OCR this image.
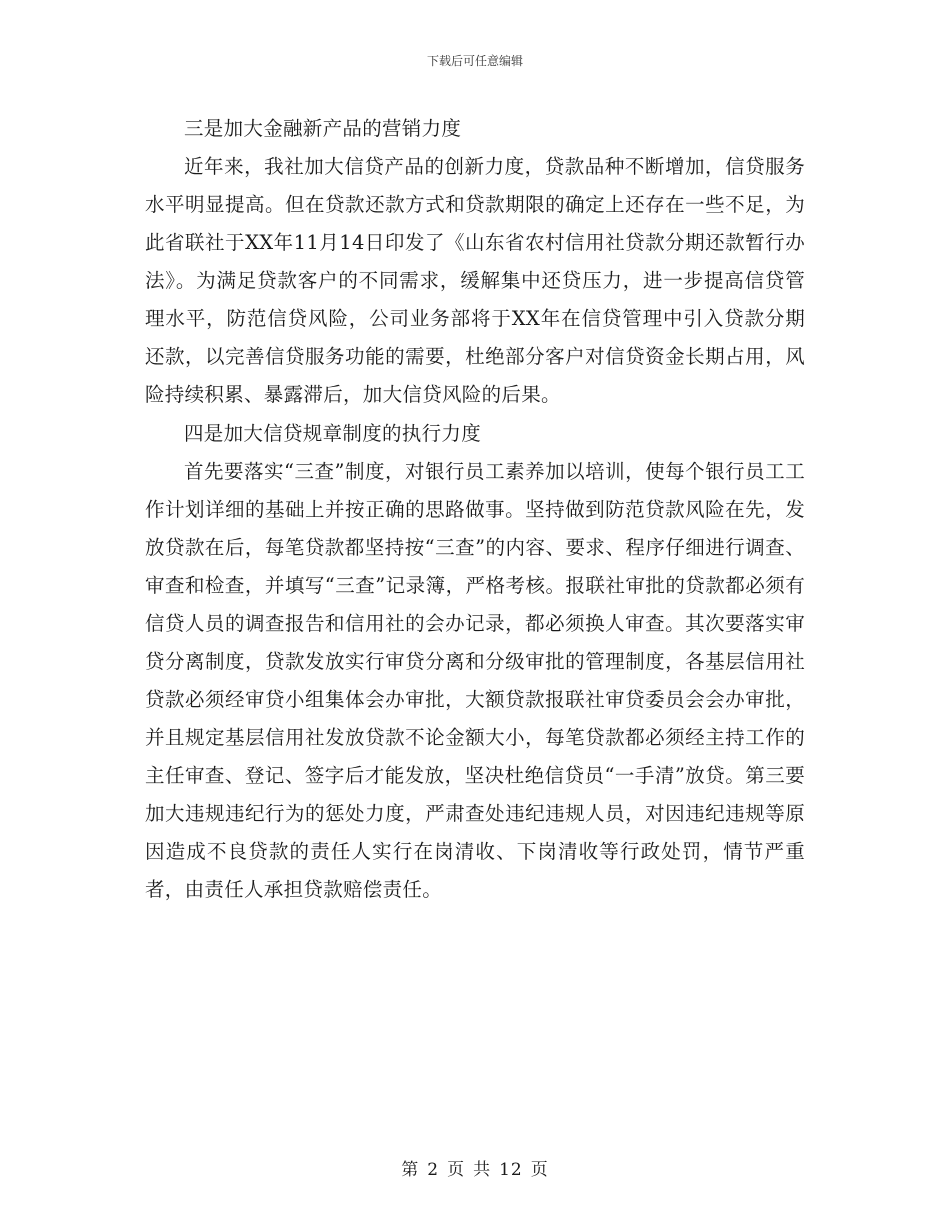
下载后可任意编辑

三是加大金融新产品的营销力度

近年来，我社加大信贷产品的创新力度，贷款品种不断增加，信贷服务水平明显提高。但在贷款还款方式和贷款期限的确定上还存在一些不足，为此省联社于XX年11月14日印发了《山东省农村信用社贷款分期还款暂行办法》。为满足贷款客户的不同需求，缓解集中还贷压力，进一步提高信贷管理水平，防范信贷风险，公司业务部将于XX年在信贷管理中引入贷款分期还款，以完善信贷服务功能的需要，杜绝部分客户对信贷资金长期占用，风险持续积累、暴露滞后，加大信贷风险的后果。

四是加大信贷规章制度的执行力度

首先要落实“三查”制度，对银行员工素养加以培训，使每个银行员工工作计划详细的基础上并按正确的思路做事。坚持做到防范贷款风险在先，发放贷款在后，每笔贷款都坚持按“三查”的内容、要求、程序仔细进行调查、审查和检查，并填写“三查”记录簿，严格考核。报联社审批的贷款都必须有信贷人员的调查报告和信用社的会办记录，都必须换人审查。其次要落实审贷分离制度，贷款发放实行审贷分离和分级审批的管理制度，各基层信用社贷款必须经审贷小组集体会办审批，大额贷款报联社审贷委员会会办审批，并且规定基层信用社发放贷款不论金额大小，每笔贷款都必须经主持工作的主任审查、登记、签字后才能发放，坚决杜绝信贷员“一手清”放贷。第三要加大违规违纪行为的惩处力度，严肃查处违纪违规人员，对因违纪违规等原因造成不良贷款的责任人实行在岗清收、下岗清收等行政处罚，情节严重者，由责任人承担贷款赔偿责任。

第 2 页 共 12 页
